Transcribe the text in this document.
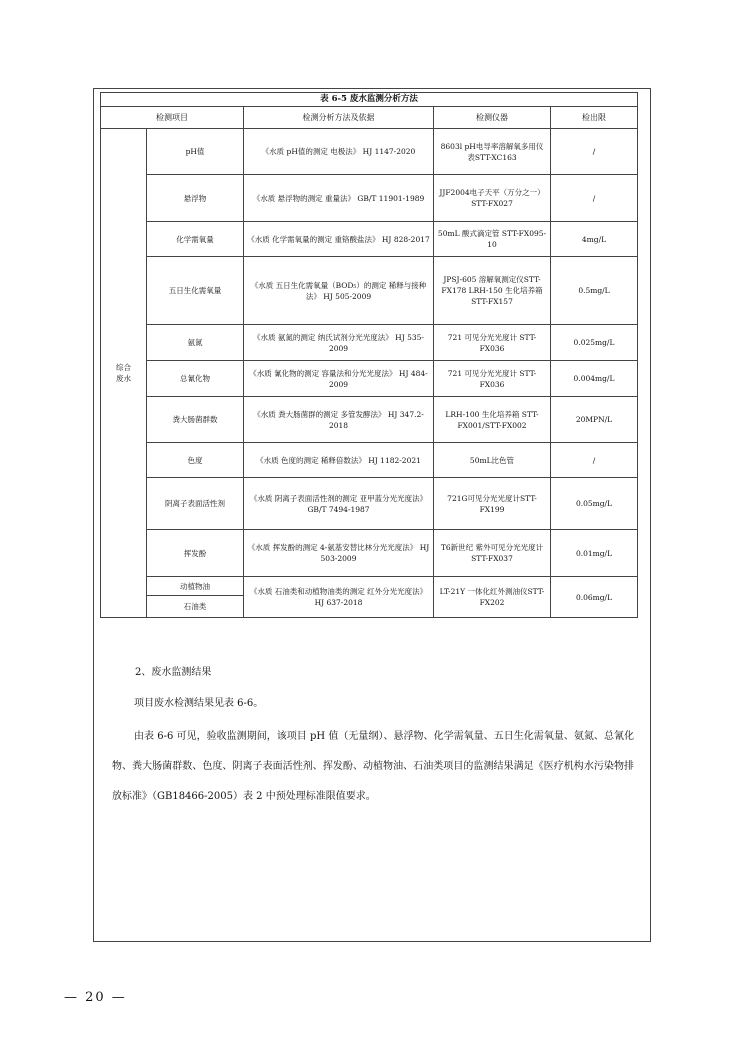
表 6-5 废水监测分析方法
检测项目		检测分析方法及依据	检测仪器	检出限
综合废水	pH值	《水质 pH值的测定 电极法》 HJ 1147-2020	8603l pH电导率溶解氧多用仪表STT-XC163	/
	悬浮物	《水质 悬浮物的测定 重量法》 GB/T 11901-1989	JJF2004电子天平（万分之一） STT-FX027	/
	化学需氧量	《水质 化学需氧量的测定 重铬酸盐法》 HJ 828-2017	50mL 酸式滴定管 STT-FX095-10	4mg/L
	五日生化需氧量	《水质 五日生化需氧量（BOD₅）的测定 稀释与接种法》 HJ 505-2009	JPSJ-605 溶解氧测定仪STT-FX178 LRH-150 生化培养箱 STT-FX157	0.5mg/L
	氨氮	《水质 氨氮的测定 纳氏试剂分光光度法》 HJ 535-2009	721 可见分光光度计 STT-FX036	0.025mg/L
	总氰化物	《水质 氰化物的测定 容量法和分光光度法》 HJ 484-2009	721 可见分光光度计 STT-FX036	0.004mg/L
	粪大肠菌群数	《水质 粪大肠菌群的测定 多管发酵法》 HJ 347.2-2018	LRH-100 生化培养箱 STT-FX001/STT-FX002	20MPN/L
	色度	《水质 色度的测定 稀释倍数法》 HJ 1182-2021	50mL比色管	/
	阴离子表面活性剂	《水质 阴离子表面活性剂的测定 亚甲蓝分光光度法》 GB/T 7494-1987	721G可见分光光度计STT-FX199	0.05mg/L
	挥发酚	《水质 挥发酚的测定 4-氨基安替比林分光光度法》 HJ 503-2009	T6新世纪 紫外可见分光光度计STT-FX037	0.01mg/L
	动植物油	《水质 石油类和动植物油类的测定 红外分光光度法》 HJ 637-2018	LT-21Y 一体化红外测油仪STT-FX202	0.06mg/L
	石油类			
2、废水监测结果
项目废水检测结果见表 6-6。
由表 6-6 可见，验收监测期间，该项目 pH 值（无量纲）、悬浮物、化学需氧量、五日生化需氧量、氨氮、总氰化物、粪大肠菌群数、色度、阴离子表面活性剂、挥发酚、动植物油、石油类项目的监测结果满足《医疗机构水污染物排放标准》（GB18466-2005）表 2 中预处理标准限值要求。
— 20 —
